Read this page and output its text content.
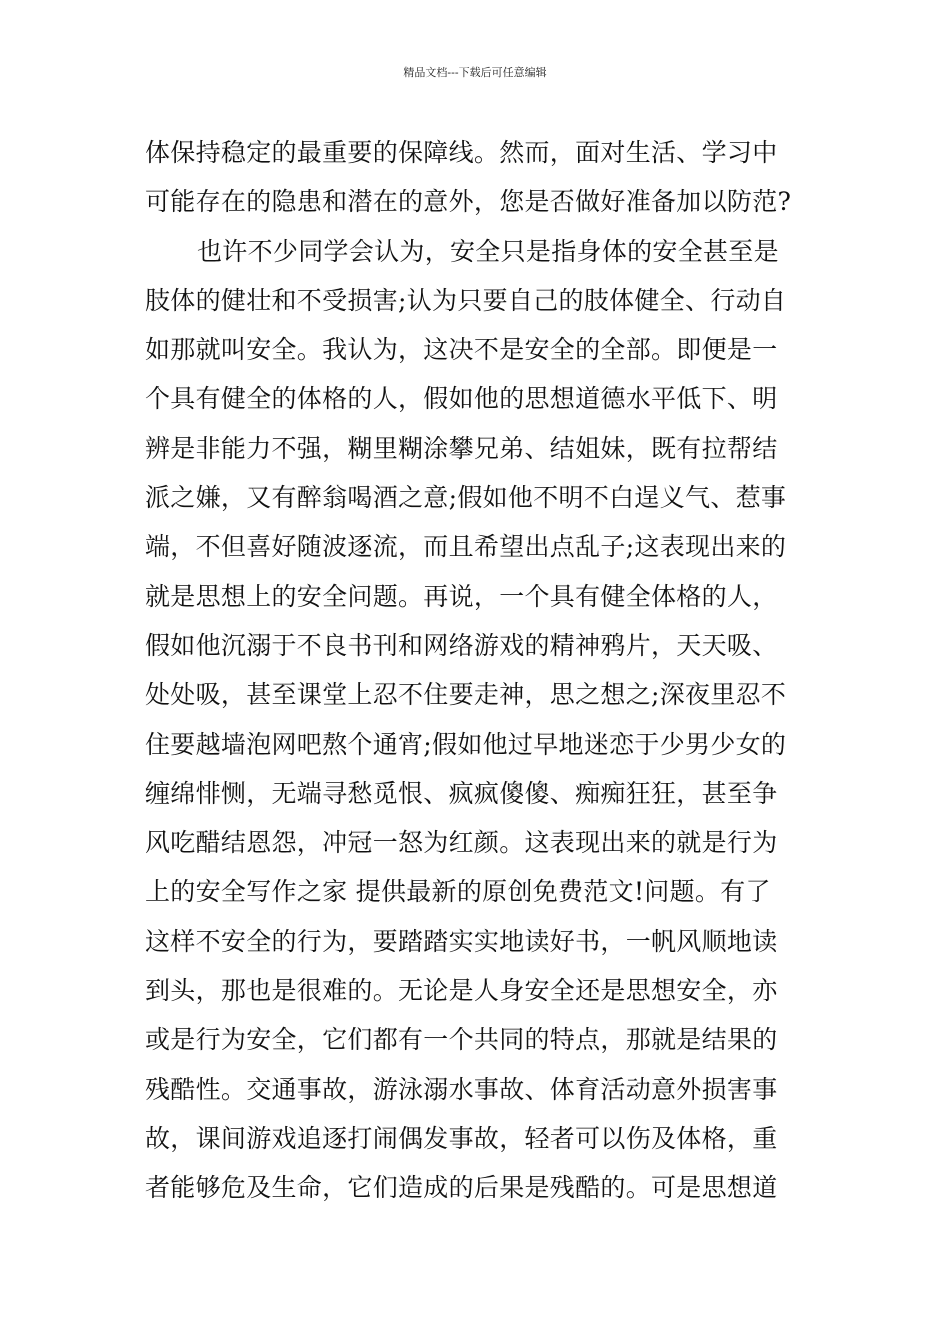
精品文档---下载后可任意编辑
体保持稳定的最重要的保障线。然而，面对生活、学习中
可能存在的隐患和潜在的意外，您是否做好准备加以防范?
也许不少同学会认为，安全只是指身体的安全甚至是
肢体的健壮和不受损害;认为只要自己的肢体健全、行动自
如那就叫安全。我认为，这决不是安全的全部。即便是一
个具有健全的体格的人，假如他的思想道德水平低下、明
辨是非能力不强，糊里糊涂攀兄弟、结姐妹，既有拉帮结
派之嫌，又有醉翁喝酒之意;假如他不明不白逞义气、惹事
端，不但喜好随波逐流，而且希望出点乱子;这表现出来的
就是思想上的安全问题。再说，一个具有健全体格的人，
假如他沉溺于不良书刊和网络游戏的精神鸦片，天天吸、
处处吸，甚至课堂上忍不住要走神，思之想之;深夜里忍不
住要越墙泡网吧熬个通宵;假如他过早地迷恋于少男少女的
缠绵悱恻，无端寻愁觅恨、疯疯傻傻、痴痴狂狂，甚至争
风吃醋结恩怨，冲冠一怒为红颜。这表现出来的就是行为
上的安全写作之家 提供最新的原创免费范文!问题。有了
这样不安全的行为，要踏踏实实地读好书，一帆风顺地读
到头，那也是很难的。无论是人身安全还是思想安全，亦
或是行为安全，它们都有一个共同的特点，那就是结果的
残酷性。交通事故，游泳溺水事故、体育活动意外损害事
故，课间游戏追逐打闹偶发事故，轻者可以伤及体格，重
者能够危及生命，它们造成的后果是残酷的。可是思想道
